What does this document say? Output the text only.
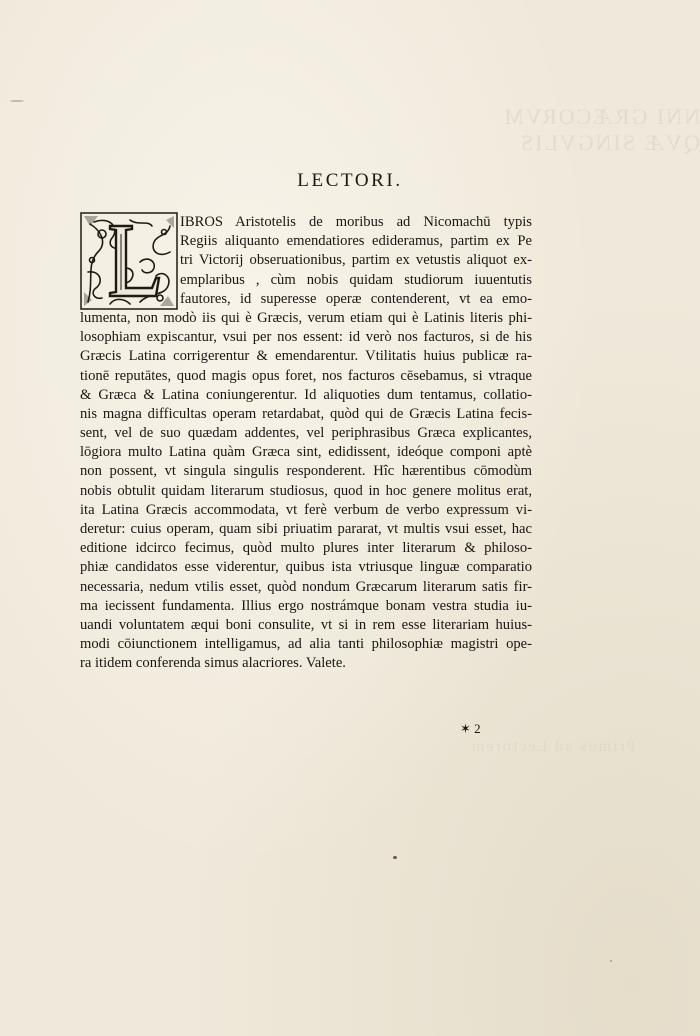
NNI GRÆCORVM QVÆ SINGVLIS
Primus ad Lectorem
LECTORI.
IBROS Aristotelis de moribus ad Nicomachū typis
Regiis aliquanto emendatiores edideramus, partim ex Pe
tri Victorij obseruationibus, partim ex vetustis aliquot ex-
emplaribus , cùm nobis quidam studiorum iuuentutis
fautores, id superesse operæ contenderent, vt ea emo-
lumenta, non modò iis qui è Græcis, verum etiam qui è Latinis literis phi-
losophiam expiscantur, vsui per nos essent: id verò nos facturos, si de his
Græcis Latina corrigerentur & emendarentur. Vtilitatis huius publicæ ra-
tionē reputātes, quod magis opus foret, nos facturos cēsebamus, si vtraque
& Græca & Latina coniungerentur. Id aliquoties dum tentamus, collatio-
nis magna difficultas operam retardabat, quòd qui de Græcis Latina fecis-
sent, vel de suo quædam addentes, vel periphrasibus Græca explicantes,
lōgiora multo Latina quàm Græca sint, edidissent, ideóque componi aptè
non possent, vt singula singulis responderent. Hîc hærentibus cōmodùm
nobis obtulit quidam literarum studiosus, quod in hoc genere molitus erat,
ita Latina Græcis accommodata, vt ferè verbum de verbo expressum vi-
deretur: cuius operam, quam sibi priuatim pararat, vt multis vsui esset, hac
editione idcirco fecimus, quòd multo plures inter literarum & philoso-
phiæ candidatos esse viderentur, quibus ista vtriusque linguæ comparatio
necessaria, nedum vtilis esset, quòd nondum Græcarum literarum satis fir-
ma iecissent fundamenta. Illius ergo nostrámque bonam vestra studia iu-
uandi voluntatem æqui boni consulite, vt si in rem esse literariam huius-
modi cōiunctionem intelligamus, ad alia tanti philosophiæ magistri ope-
ra itidem conferenda simus alacriores. Valete.
✶ 2
